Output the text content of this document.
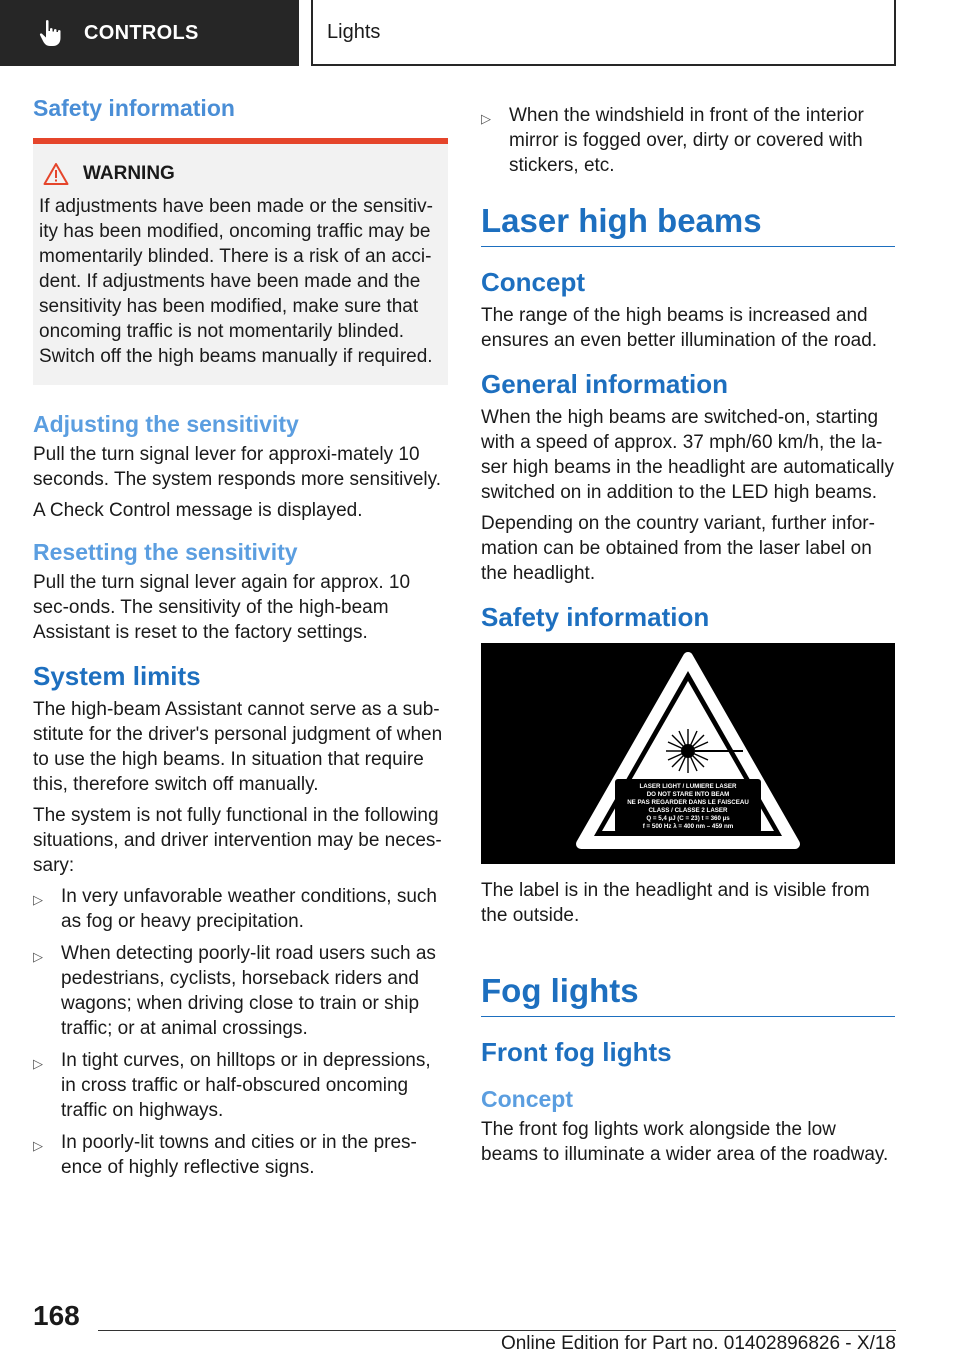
CONTROLS	Lights
Safety information
WARNING

If adjustments have been made or the sensitiv-ity has been modified, oncoming traffic may be momentarily blinded. There is a risk of an acci-dent. If adjustments have been made and the sensitivity has been modified, make sure that oncoming traffic is not momentarily blinded. Switch off the high beams manually if required.

Adjusting the sensitivity

Pull the turn signal lever for approxi-mately 10 seconds. The system responds more sensitively.

A Check Control message is displayed.

Resetting the sensitivity

Pull the turn signal lever again for approx. 10 sec-onds. The sensitivity of the high-beam Assistant is reset to the factory settings.

System limits

The high-beam Assistant cannot serve as a sub-stitute for the driver's personal judgment of when to use the high beams. In situation that require this, therefore switch off manually.

The system is not fully functional in the following situations, and driver intervention may be neces-sary:

▷ In very unfavorable weather conditions, such as fog or heavy precipitation.
▷ When detecting poorly-lit road users such as pedestrians, cyclists, horseback riders and wagons; when driving close to train or ship traffic; or at animal crossings.
▷ In tight curves, on hilltops or in depressions, in cross traffic or half-obscured oncoming traffic on highways.
▷ In poorly-lit towns and cities or in the pres-ence of highly reflective signs.
▷ When the windshield in front of the interior mirror is fogged over, dirty or covered with stickers, etc.
Laser high beams
Concept

The range of the high beams is increased and ensures an even better illumination of the road.

General information

When the high beams are switched-on, starting with a speed of approx. 37 mph/60 km/h, the la-ser high beams in the headlight are automatically switched on in addition to the LED high beams.

Depending on the country variant, further infor-mation can be obtained from the laser label on the headlight.

Safety information
LASER LIGHT / LUMIERE LASER
DO NOT STARE INTO BEAM
NE PAS REGARDER DANS LE FAISCEAU
CLASS / CLASSE 2 LASER
Q = 5,4 µJ (C = 23) t = 360 µs
f = 500 Hz λ = 400 nm – 459 nm

The label is in the headlight and is visible from the outside.

Fog lights
Front fog lights
Concept

The front fog lights work alongside the low beams to illuminate a wider area of the roadway.

168
Online Edition for Part no. 01402896826 - X/18
